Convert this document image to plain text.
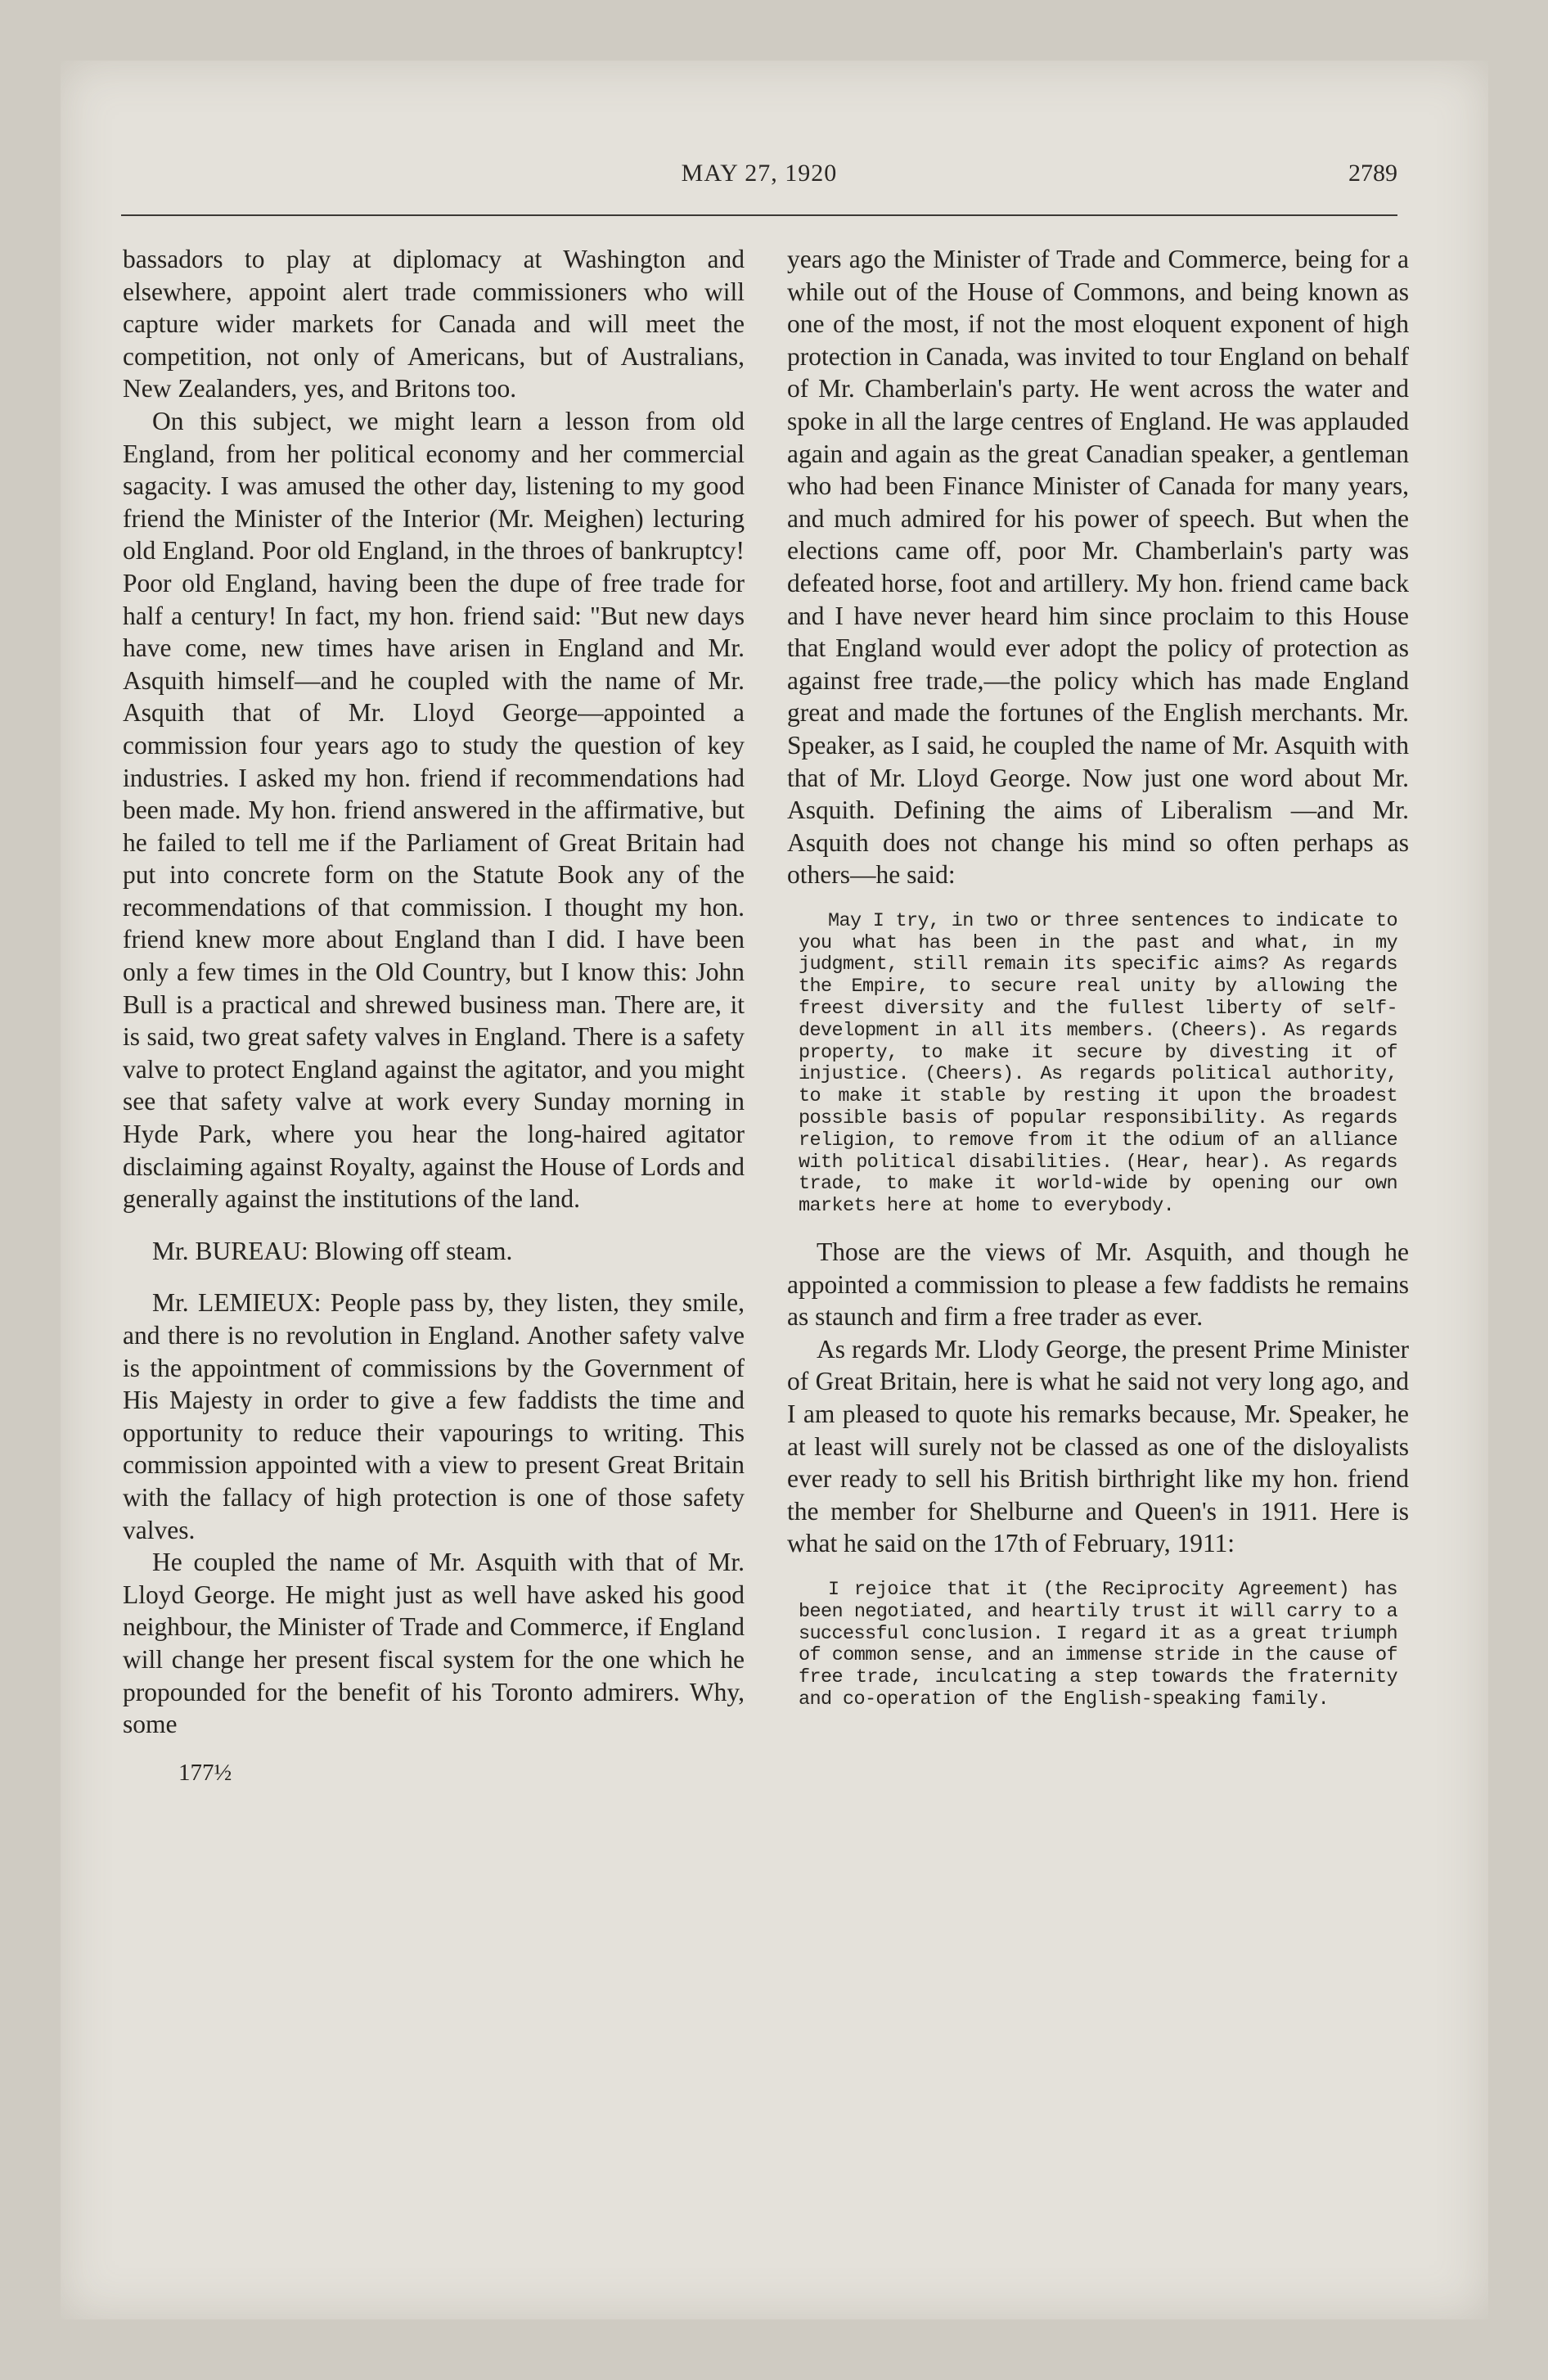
MAY 27, 1920	2789

bassadors to play at diplomacy at Washington and elsewhere, appoint alert trade commissioners who will capture wider markets for Canada and will meet the competition, not only of Americans, but of Australians, New Zealanders, yes, and Britons too.

On this subject, we might learn a lesson from old England, from her political economy and her commercial sagacity. I was amused the other day, listening to my good friend the Minister of the Interior (Mr. Meighen) lecturing old England. Poor old England, in the throes of bankruptcy! Poor old England, having been the dupe of free trade for half a century! In fact, my hon. friend said: "But new days have come, new times have arisen in England and Mr. Asquith himself—and he coupled with the name of Mr. Asquith that of Mr. Lloyd George—appointed a commission four years ago to study the question of key industries. I asked my hon. friend if recommendations had been made. My hon. friend answered in the affirmative, but he failed to tell me if the Parliament of Great Britain had put into concrete form on the Statute Book any of the recommendations of that commission. I thought my hon. friend knew more about England than I did. I have been only a few times in the Old Country, but I know this: John Bull is a practical and shrewed business man. There are, it is said, two great safety valves in England. There is a safety valve to protect England against the agitator, and you might see that safety valve at work every Sunday morning in Hyde Park, where you hear the long-haired agitator disclaiming against Royalty, against the House of Lords and generally against the institutions of the land.

Mr. BUREAU: Blowing off steam.

Mr. LEMIEUX: People pass by, they listen, they smile, and there is no revolution in England. Another safety valve is the appointment of commissions by the Government of His Majesty in order to give a few faddists the time and opportunity to reduce their vapourings to writing. This commission appointed with a view to present Great Britain with the fallacy of high protection is one of those safety valves.

He coupled the name of Mr. Asquith with that of Mr. Lloyd George. He might just as well have asked his good neighbour, the Minister of Trade and Commerce, if England will change her present fiscal system for the one which he propounded for the benefit of his Toronto admirers. Why, some

177½

years ago the Minister of Trade and Commerce, being for a while out of the House of Commons, and being known as one of the most, if not the most eloquent exponent of high protection in Canada, was invited to tour England on behalf of Mr. Chamberlain's party. He went across the water and spoke in all the large centres of England. He was applauded again and again as the great Canadian speaker, a gentleman who had been Finance Minister of Canada for many years, and much admired for his power of speech. But when the elections came off, poor Mr. Chamberlain's party was defeated horse, foot and artillery. My hon. friend came back and I have never heard him since proclaim to this House that England would ever adopt the policy of protection as against free trade,—the policy which has made England great and made the fortunes of the English merchants. Mr. Speaker, as I said, he coupled the name of Mr. Asquith with that of Mr. Lloyd George. Now just one word about Mr. Asquith. Defining the aims of Liberalism —and Mr. Asquith does not change his mind so often perhaps as others—he said:

May I try, in two or three sentences to indicate to you what has been in the past and what, in my judgment, still remain its specific aims? As regards the Empire, to secure real unity by allowing the freest diversity and the fullest liberty of self-development in all its members. (Cheers). As regards property, to make it secure by divesting it of injustice. (Cheers). As regards political authority, to make it stable by resting it upon the broadest possible basis of popular responsibility. As regards religion, to remove from it the odium of an alliance with political disabilities. (Hear, hear). As regards trade, to make it world-wide by opening our own markets here at home to everybody.

Those are the views of Mr. Asquith, and though he appointed a commission to please a few faddists he remains as staunch and firm a free trader as ever.

As regards Mr. Llody George, the present Prime Minister of Great Britain, here is what he said not very long ago, and I am pleased to quote his remarks because, Mr. Speaker, he at least will surely not be classed as one of the disloyalists ever ready to sell his British birthright like my hon. friend the member for Shelburne and Queen's in 1911. Here is what he said on the 17th of February, 1911:

I rejoice that it (the Reciprocity Agreement) has been negotiated, and heartily trust it will carry to a successful conclusion. I regard it as a great triumph of common sense, and an immense stride in the cause of free trade, inculcating a step towards the fraternity and co-operation of the English-speaking family.
